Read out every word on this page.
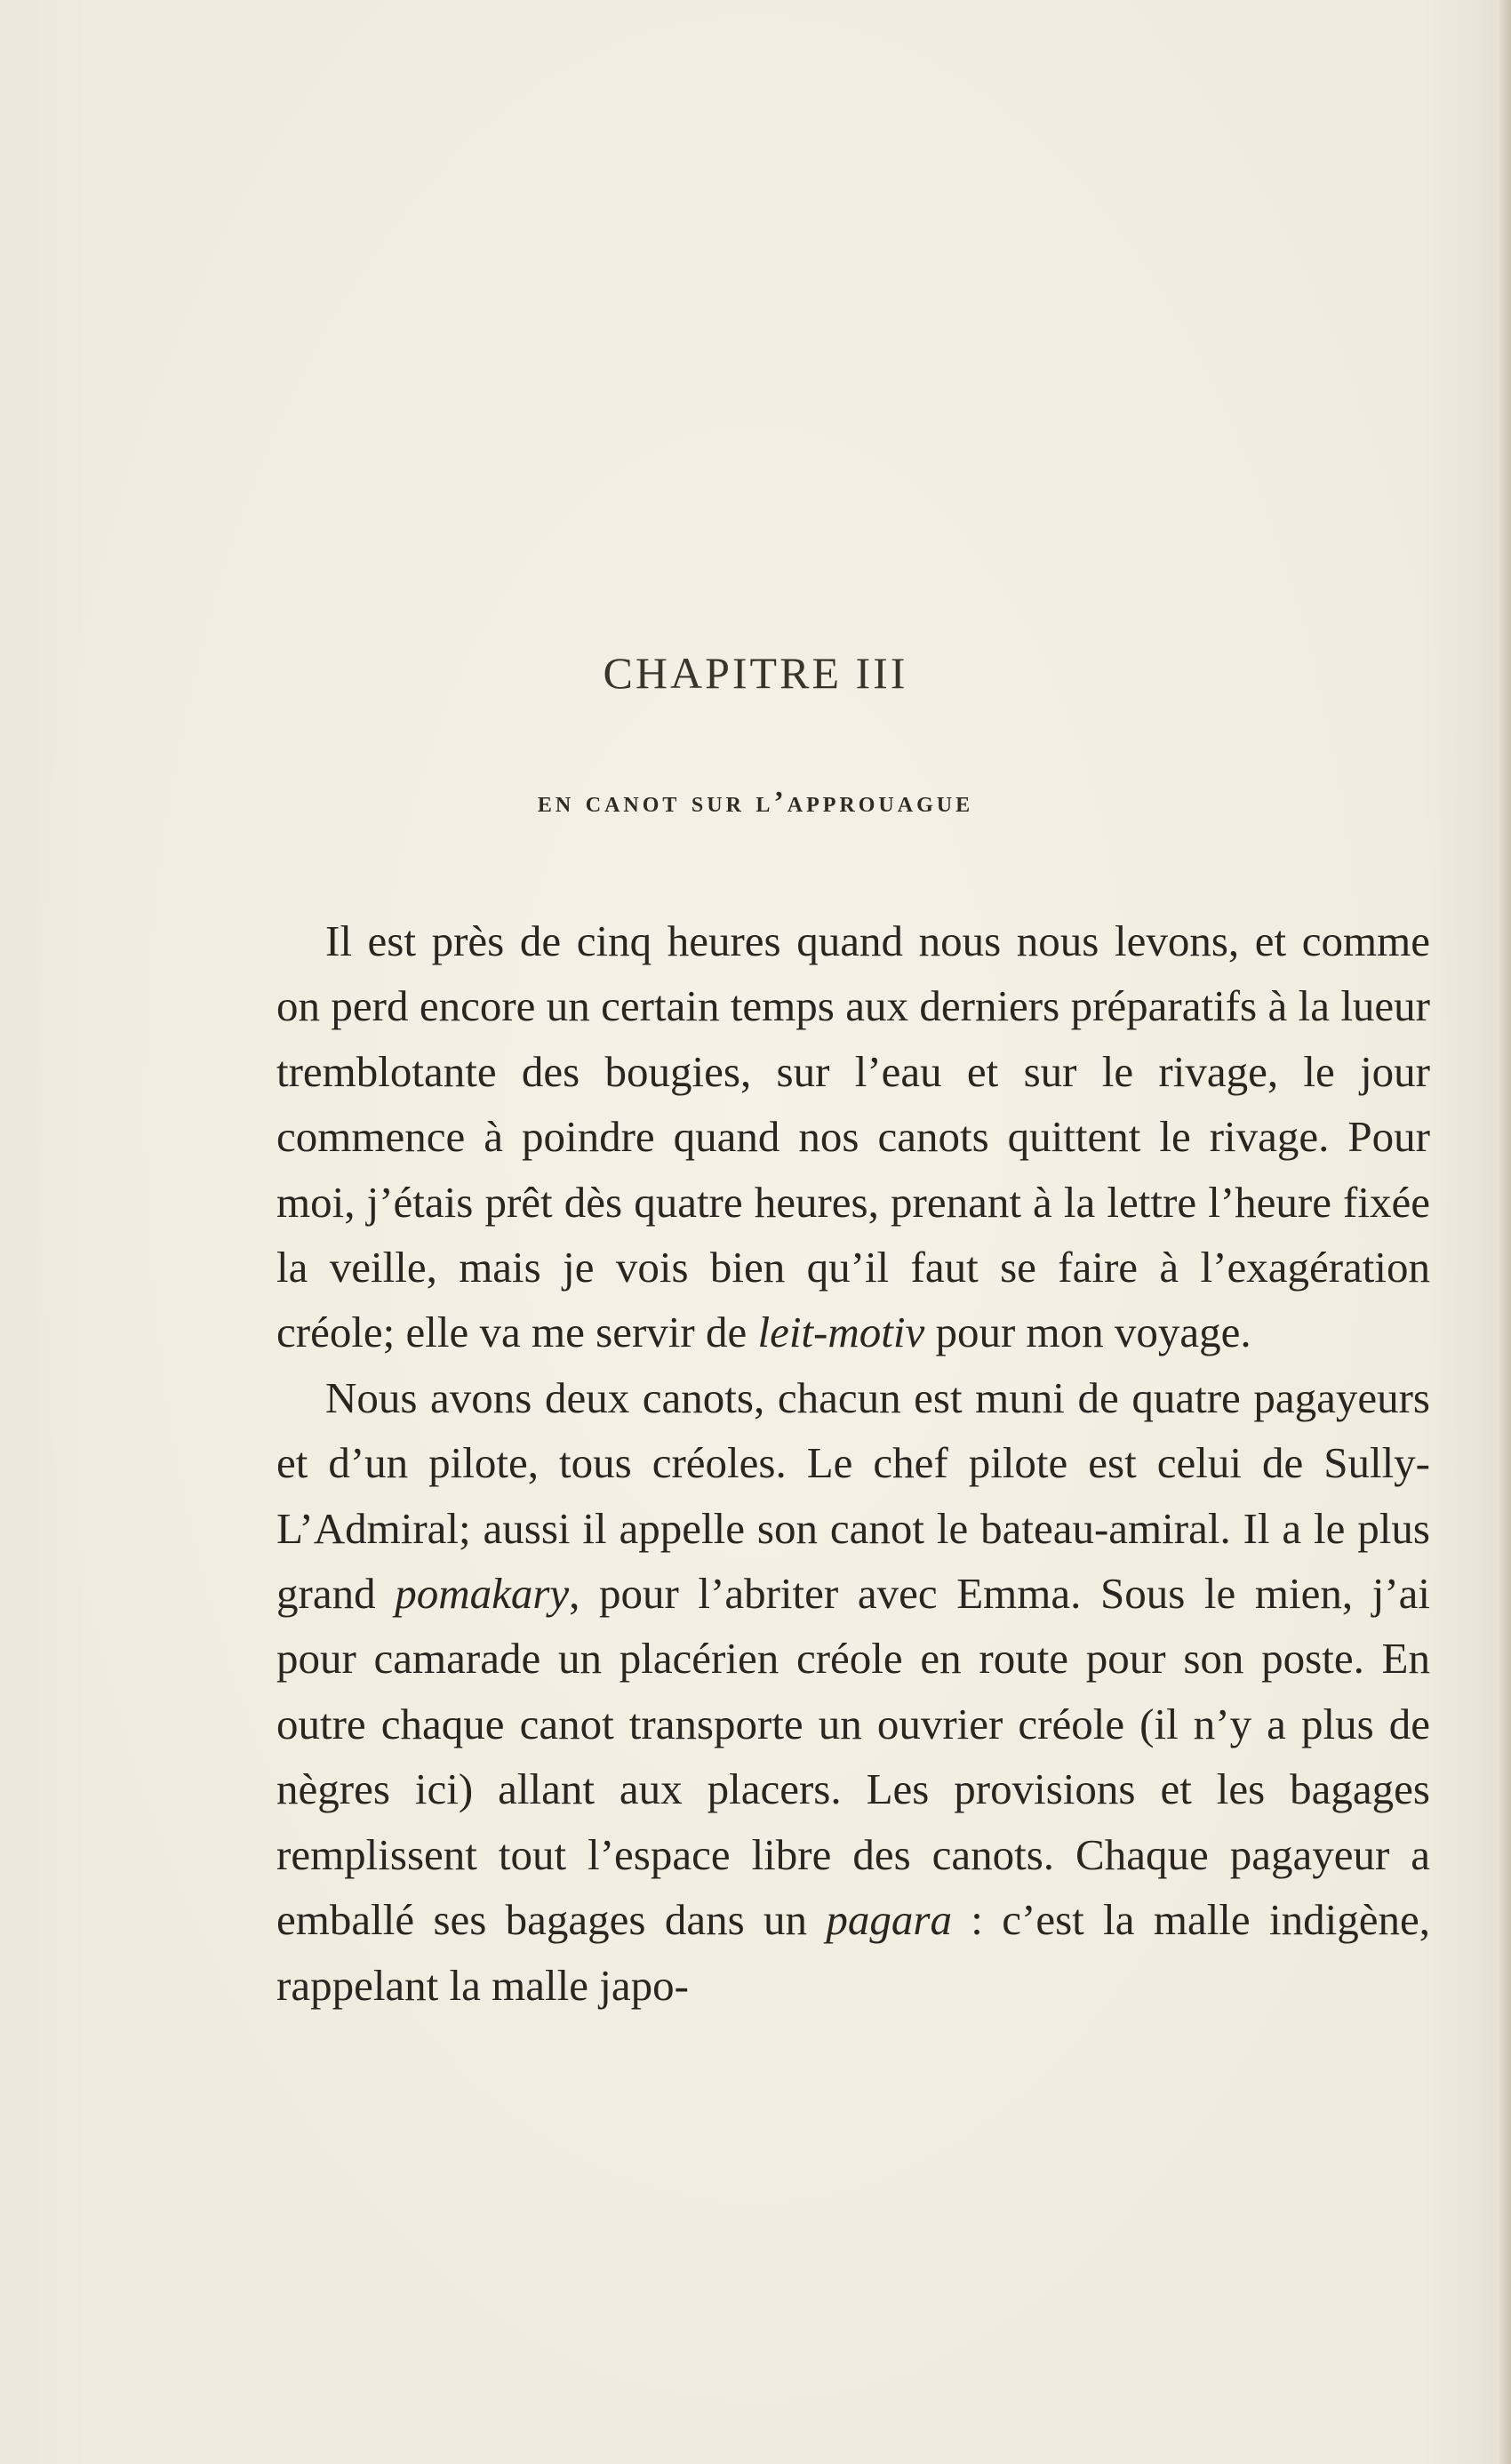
CHAPITRE III
en canot sur l’approuague

Il est près de cinq heures quand nous nous levons, et comme on perd encore un certain temps aux derniers préparatifs à la lueur tremblotante des bougies, sur l’eau et sur le rivage, le jour commence à poindre quand nos canots quittent le rivage. Pour moi, j’étais prêt dès quatre heures, prenant à la lettre l’heure fixée la veille, mais je vois bien qu’il faut se faire à l’exagération créole; elle va me servir de leit-motiv pour mon voyage.

Nous avons deux canots, chacun est muni de quatre pagayeurs et d’un pilote, tous créoles. Le chef pilote est celui de Sully-L’Admiral; aussi il appelle son canot le bateau-amiral. Il a le plus grand pomakary, pour l’abriter avec Emma. Sous le mien, j’ai pour camarade un placérien créole en route pour son poste. En outre chaque canot transporte un ouvrier créole (il n’y a plus de nègres ici) allant aux placers. Les provisions et les bagages remplissent tout l’espace libre des canots. Chaque pagayeur a emballé ses bagages dans un pagara : c’est la malle indigène, rappelant la malle japo-
